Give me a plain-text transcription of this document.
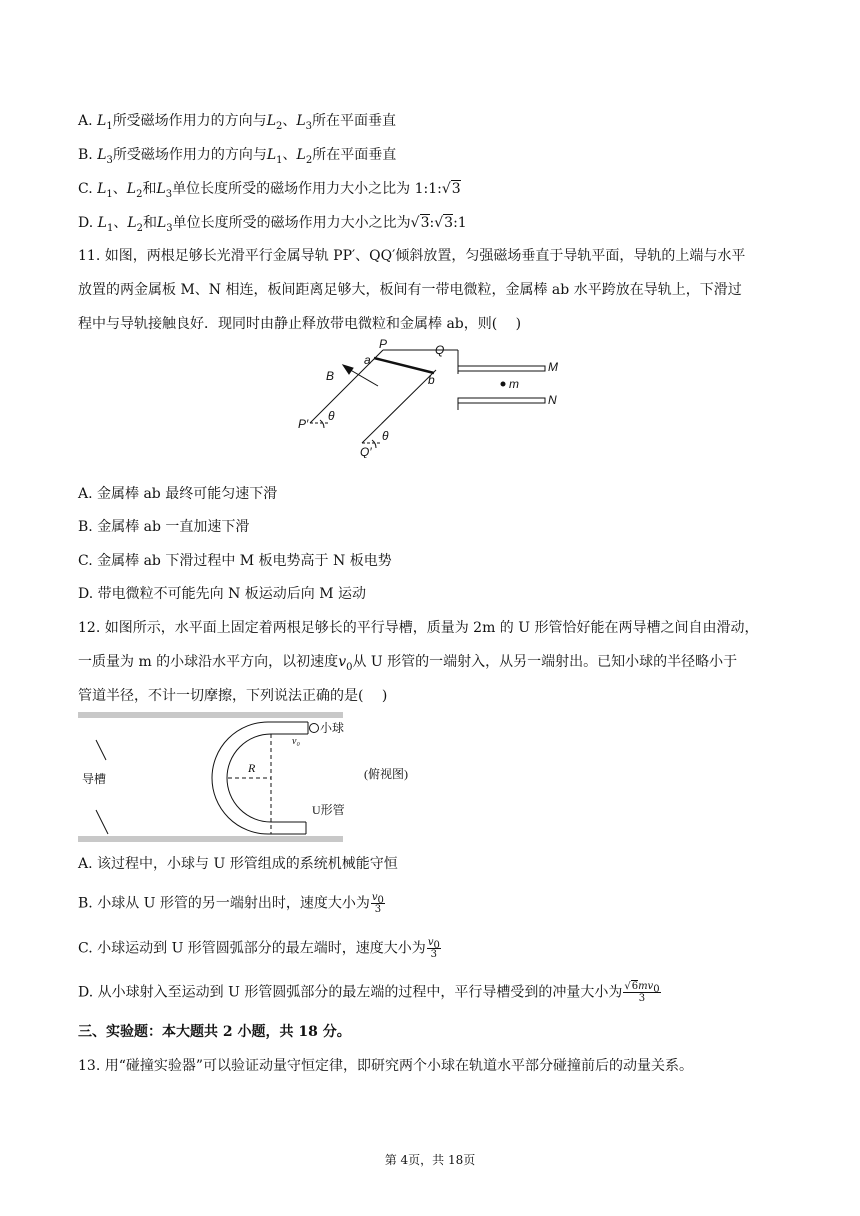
A. $L_1$所受磁场作用力的方向与$L_2$、$L_3$所在平面垂直
B. $L_3$所受磁场作用力的方向与$L_1$、$L_2$所在平面垂直
C. $L_1$、$L_2$和$L_3$单位长度所受的磁场作用力大小之比为 1:1:√3
D. $L_1$、$L_2$和$L_3$单位长度所受的磁场作用力大小之比为√3:√3:1
11. 如图，两根足够长光滑平行金属导轨 PP′、QQ′倾斜放置，匀强磁场垂直于导轨平面，导轨的上端与水平
放置的两金属板 M、N 相连，板间距离足够大，板间有一带电微粒，金属棒 ab 水平跨放在导轨上，下滑过
程中与导轨接触良好．现同时由静止释放带电微粒和金属棒 ab，则(　 )
P	Q
a
b
B
M
N
m
P′
Q′
θ
θ
A. 金属棒 ab 最终可能匀速下滑
B. 金属棒 ab 一直加速下滑
C. 金属棒 ab 下滑过程中 M 板电势高于 N 板电势
D. 带电微粒不可能先向 N 板运动后向 M 运动
12. 如图所示，水平面上固定着两根足够长的平行导槽，质量为 2m 的 U 形管恰好能在两导槽之间自由滑动，
一质量为 m 的小球沿水平方向，以初速度$v_0$从 U 形管的一端射入，从另一端射出。已知小球的半径略小于
管道半径，不计一切摩擦，下列说法正确的是(　 )
导槽
小球
v₀
R
U形管
(俯视图)
A. 该过程中，小球与 U 形管组成的系统机械能守恒
B. 小球从 U 形管的另一端射出时，速度大小为 $\frac{v_0}{3}$
C. 小球运动到 U 形管圆弧部分的最左端时，速度大小为 $\frac{v_0}{3}$
D. 从小球射入至运动到 U 形管圆弧部分的最左端的过程中，平行导槽受到的冲量大小为 $\frac{√6mv_0}{3}$
三、实验题：本大题共 2 小题，共 18 分。
13. 用“碰撞实验器”可以验证动量守恒定律，即研究两个小球在轨道水平部分碰撞前后的动量关系。
第 4页，共 18页
